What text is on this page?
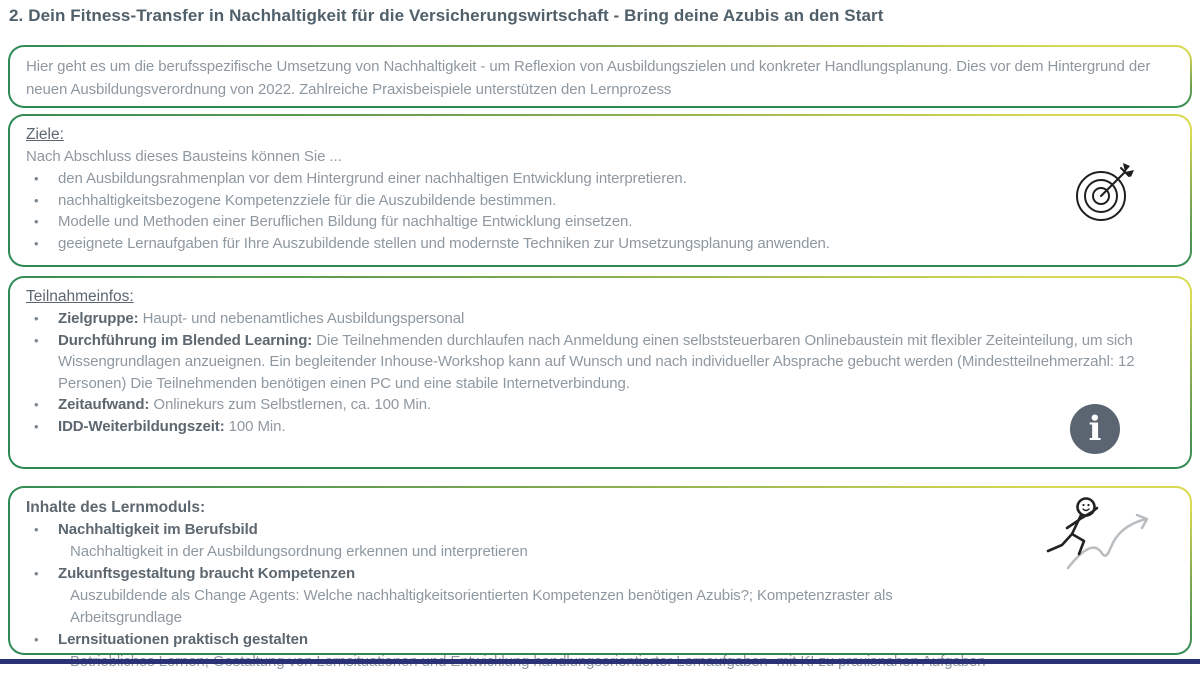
2. Dein Fitness-Transfer in Nachhaltigkeit für die Versicherungswirtschaft - Bring deine Azubis an den Start
Hier geht es um die berufsspezifische Umsetzung von Nachhaltigkeit - um Reflexion von Ausbildungszielen und konkreter Handlungsplanung. Dies vor dem Hintergrund der neuen Ausbildungsverordnung von 2022. Zahlreiche Praxisbeispiele unterstützen den Lernprozess
Ziele:
Nach Abschluss dieses Bausteins können Sie ...
•	den Ausbildungsrahmenplan vor dem Hintergrund einer nachhaltigen Entwicklung interpretieren.
•	nachhaltigkeitsbezogene Kompetenzziele für die Auszubildende bestimmen.
•	Modelle und Methoden einer Beruflichen Bildung für nachhaltige Entwicklung einsetzen.
•	geeignete Lernaufgaben für Ihre Auszubildende stellen und modernste Techniken zur Umsetzungsplanung anwenden.
Teilnahmeinfos:
•	Zielgruppe: Haupt- und nebenamtliches Ausbildungspersonal
•	Durchführung im Blended Learning: Die Teilnehmenden durchlaufen nach Anmeldung einen selbststeuerbaren Onlinebaustein mit flexibler Zeiteinteilung, um sich Wissengrundlagen anzueignen. Ein begleitender Inhouse-Workshop kann auf Wunsch und nach individueller Absprache gebucht werden (Mindestteilnehmerzahl: 12 Personen) Die Teilnehmenden benötigen einen PC und eine stabile Internetverbindung.
•	Zeitaufwand: Onlinekurs zum Selbstlernen, ca. 100 Min.
•	IDD-Weiterbildungszeit: 100 Min.	i
Inhalte des Lernmoduls:
•	Nachhaltigkeit im Berufsbild
Nachhaltigkeit in der Ausbildungsordnung erkennen und interpretieren
•	Zukunftsgestaltung braucht Kompetenzen
Auszubildende als Change Agents: Welche nachhaltigkeitsorientierten Kompetenzen benötigen Azubis?; Kompetenzraster als Arbeitsgrundlage
•	Lernsituationen praktisch gestalten
